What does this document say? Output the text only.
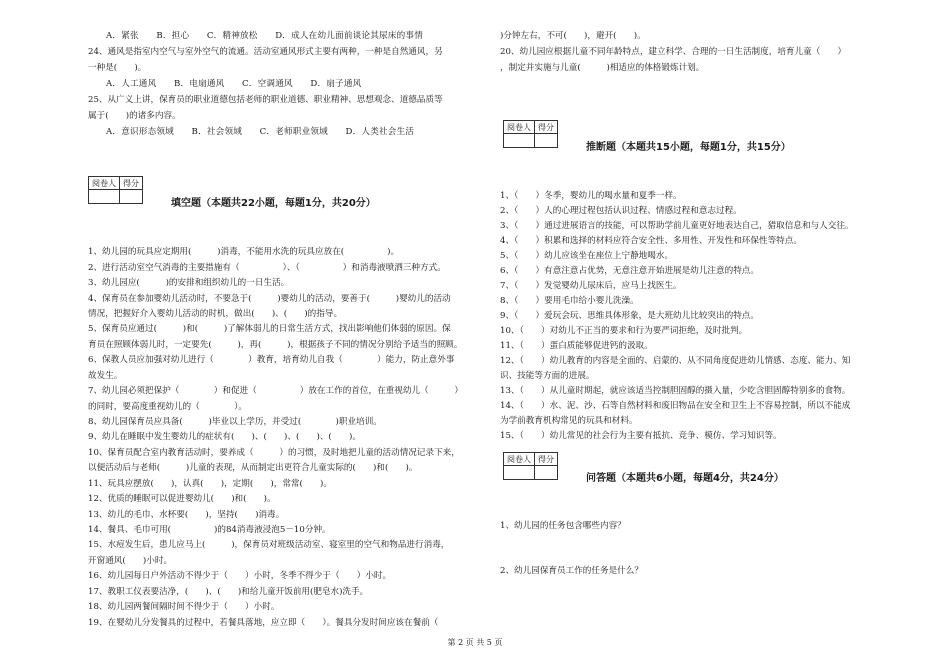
A．紧张　　B．担心　　C．精神放松　　D．成人在幼儿面前谈论其尿床的事情
24、通风是指室内空气与室外空气的流通。活动室通风形式主要有两种，一种是自然通风，另
一种是(　　)。
A．人工通风　　B．电扇通风　　C．空调通风　　D．扇子通风
25、从广义上讲，保育员的职业道德包括老师的职业道德、职业精神、思想观念、道德品质等
属于(　　)的诸多内容。
A．意识形态领域　　B．社会领域　　C．老师职业领域　　D．人类社会生活
阅卷人	得分

填空题（本题共22小题，每题1分，共20分）
1、幼儿园的玩具应定期用(　　　)消毒，不能用水洗的玩具应放在(　　　　　)。
2、进行活动室空气消毒的主要措施有（　　　　　）、（　　　　　）和消毒液喷洒三种方式。
3、幼儿园应(　　　)的安排和组织幼儿的一日生活。
4、保育员在参加婴幼儿活动时，不要急于(　　　)婴幼儿的活动，要善于(　　　)婴幼儿的活动
情况，把握好介入婴幼儿活动的时机，做出(　　)、(　　)的指导。
5、保育员应通过(　　　)和(　　　)了解体弱儿的日常生活方式，找出影响他们体弱的原因。保
育员在照顾体弱儿时，一定要先(　　　)，再(　　　)，根据孩子不同的情况分别给予适当的照顾。
6、保教人员应加强对幼儿进行（　　　　）教育，培育幼儿自我（　　　　）能力，防止意外事
故发生。
7、幼儿园必须把保护（　　　　）和促进（　　　　　）放在工作的首位，在重视幼儿（　　　）
的同时，要高度重视幼儿的（　　　　）。
8、幼儿园保育员应具备(　　　)毕业以上学历，并受过(　　　　)职业培训。
9、幼儿在睡眠中发生婴幼儿的症状有(　　)、(　　)、(　　)、(　　)。
10、保育员配合室内教育活动时，要养成（　　　）的习惯，及时地把儿童的活动情况记录下来，
以便活动后与老师(　　　)儿童的表现，从而制定出更符合儿童实际的(　　)和(　　)。
11、玩具应摆放(　　)，认真(　　)，定期(　　)，常常(　　)。
12、优质的睡眠可以促进婴幼儿(　　)和(　　)。
13、幼儿的毛巾、水杯要(　　)，坚持(　　)消毒。
14、餐具、毛巾可用(　　　　　)的84消毒液浸泡5－10分钟。
15、水痘发生后，患儿应马上(　　　)，保育员对班级活动室、寝室里的空气和物品进行消毒，
开窗通风(　　)小时。
16、幼儿园每日户外活动不得少于（　　）小时，冬季不得少于（　　）小时。
17、教职工仪表要洁净，(　　)、(　　)和给儿童开饭前用(肥皂水)洗手。
18、幼儿园两餐间隔时间不得少于（　　）小时。
19、在婴幼儿分发餐具的过程中，若餐具落地，应立即（　　）。餐具分发时间应该在餐前（
)分钟左右，不可(　　)，避开(　　)。
20、幼儿园应根据儿童不同年龄特点，建立科学、合理的一日生活制度，培育儿童（　　）
，制定并实施与儿童(　　　)相适应的体格锻炼计划。
阅卷人	得分

推断题（本题共15小题，每题1分，共15分）
1、（　　）冬季，婴幼儿的喝水量和夏季一样。
2、（　　）人的心理过程包括认识过程、情感过程和意志过程。
3、（　　）通过进展语言的技能，可以帮助学前儿童更好地表达自己，猎取信息和与人交往。
4、（　　）积累和选择的材料应符合安全性、多用性、开发性和环保性等特点。
5、（　　）幼儿应该坐在座位上宁静地喝水。
6、（　　）有意注意占优势，无意注意开始进展是幼儿注意的特点。
7、（　　）发觉婴幼儿尿床后，应马上找医生。
8、（　　）要用毛巾给小婴儿洗澡。
9、（　　）爱玩会玩、思维具体形象，是大班幼儿比较突出的特点。
10、（　　）对幼儿不正当的要求和行为要严词拒绝，及时批判。
11、（　　）蛋白质能够促进钙的汲取。
12、（　　）幼儿教育的内容是全面的、启蒙的、从不同角度促进幼儿情感、态度、能力、知
识、技能等方面的进展。
13、（　　）从儿童时期起，就应该适当控制胆固醇的摄入量，少吃含胆固醇特别多的食物。
14、（　　）水、泥、沙、石等自然材料和废旧物品在安全和卫生上不容易控制，所以不能成
为学前教育机构常见的玩具和材料。
15、（　　）幼儿常见的社会行为主要有抵抗、竞争、模仿、学习知识等。
阅卷人	得分

问答题（本题共6小题，每题4分，共24分）
1、幼儿园的任务包含哪些内容？
2、幼儿园保育员工作的任务是什么？
第 2 页 共 5 页
